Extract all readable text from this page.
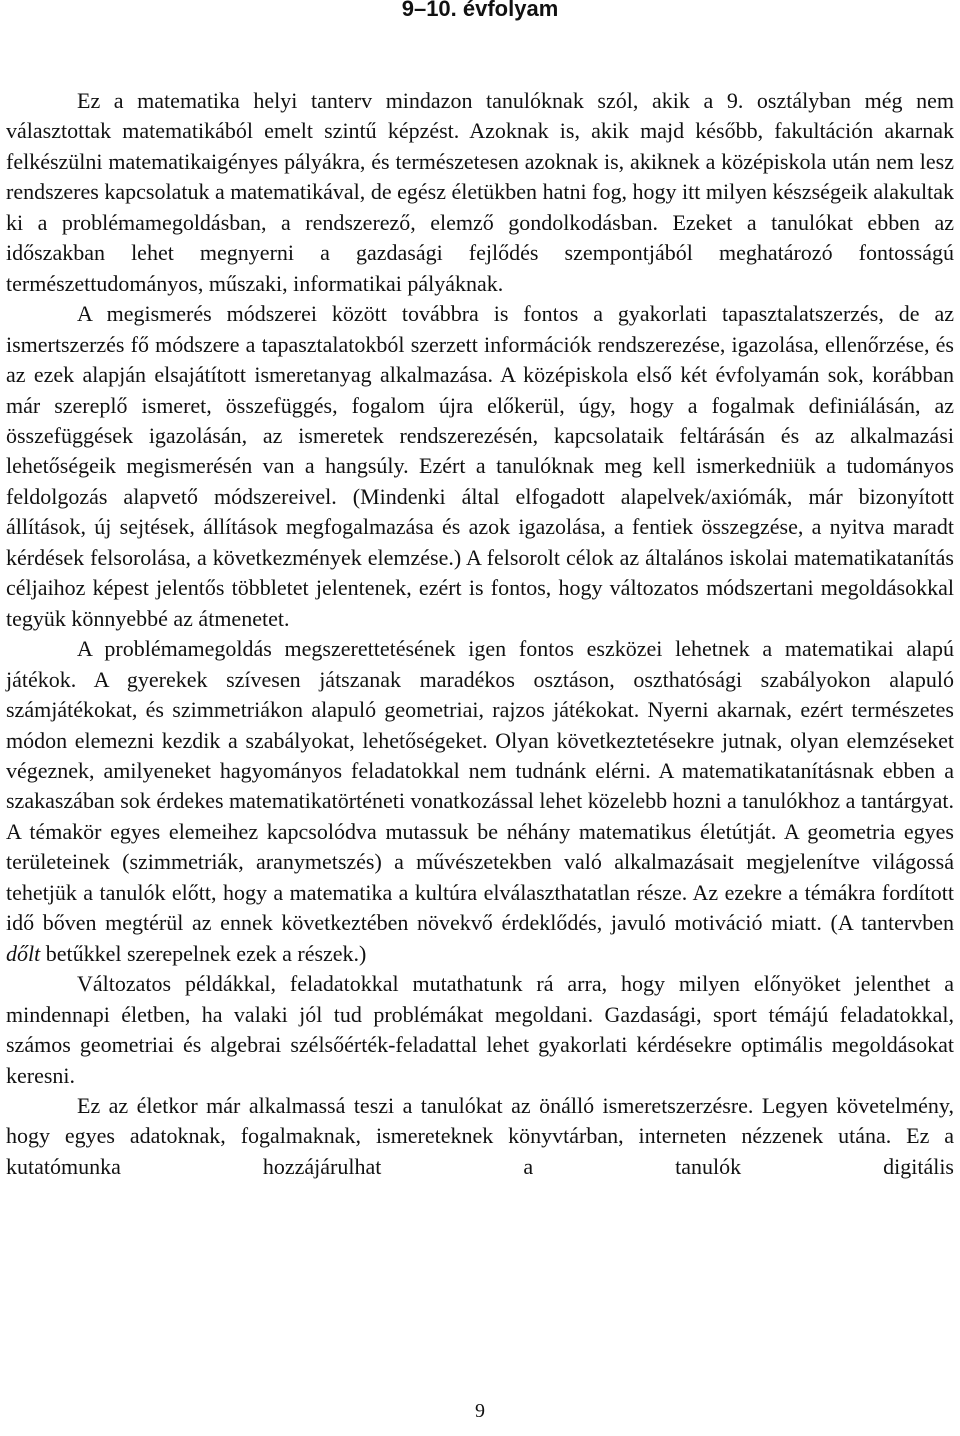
9–10. évfolyam

Ez a matematika helyi tanterv mindazon tanulóknak szól, akik a 9. osztályban még nem választottak matematikából emelt szintű képzést. Azoknak is, akik majd később, fakultáción akarnak felkészülni matematikaigényes pályákra, és természetesen azoknak is, akiknek a középiskola után nem lesz rendszeres kapcsolatuk a matematikával, de egész életükben hatni fog, hogy itt milyen készségeik alakultak ki a problémamegoldásban, a rendszerező, elemző gondolkodásban. Ezeket a tanulókat ebben az időszakban lehet megnyerni a gazdasági fejlődés szempontjából meghatározó fontosságú természettudományos, műszaki, informatikai pályáknak.

A megismerés módszerei között továbbra is fontos a gyakorlati tapasztalatszerzés, de az ismertszerzés fő módszere a tapasztalatokból szerzett információk rendszerezése, igazolása, ellenőrzése, és az ezek alapján elsajátított ismeretanyag alkalmazása. A középiskola első két évfolyamán sok, korábban már szereplő ismeret, összefüggés, fogalom újra előkerül, úgy, hogy a fogalmak definiálásán, az összefüggések igazolásán, az ismeretek rendszerezésén, kapcsolataik feltárásán és az alkalmazási lehetőségeik megismerésén van a hangsúly. Ezért a tanulóknak meg kell ismerkedniük a tudományos feldolgozás alapvető módszereivel. (Mindenki által elfogadott alapelvek/axiómák, már bizonyított állítások, új sejtések, állítások megfogalmazása és azok igazolása, a fentiek összegzése, a nyitva maradt kérdések felsorolása, a következmények elemzése.) A felsorolt célok az általános iskolai matematikatanítás céljaihoz képest jelentős többletet jelentenek, ezért is fontos, hogy változatos módszertani megoldásokkal tegyük könnyebbé az átmenetet.

A problémamegoldás megszerettetésének igen fontos eszközei lehetnek a matematikai alapú játékok. A gyerekek szívesen játszanak maradékos osztáson, oszthatósági szabályokon alapuló számjátékokat, és szimmetriákon alapuló geometriai, rajzos játékokat. Nyerni akarnak, ezért természetes módon elemezni kezdik a szabályokat, lehetőségeket. Olyan következtetésekre jutnak, olyan elemzéseket végeznek, amilyeneket hagyományos feladatokkal nem tudnánk elérni. A matematikatanításnak ebben a szakaszában sok érdekes matematikatörténeti vonatkozással lehet közelebb hozni a tanulókhoz a tantárgyat. A témakör egyes elemeihez kapcsolódva mutassuk be néhány matematikus életútját. A geometria egyes területeinek (szimmetriák, aranymetszés) a művészetekben való alkalmazásait megjelenítve világossá tehetjük a tanulók előtt, hogy a matematika a kultúra elválaszthatatlan része. Az ezekre a témákra fordított idő bőven megtérül az ennek következtében növekvő érdeklődés, javuló motiváció miatt. (A tantervben dőlt betűkkel szerepelnek ezek a részek.)

Változatos példákkal, feladatokkal mutathatunk rá arra, hogy milyen előnyöket jelenthet a mindennapi életben, ha valaki jól tud problémákat megoldani. Gazdasági, sport témájú feladatokkal, számos geometriai és algebrai szélsőérték-feladattal lehet gyakorlati kérdésekre optimális megoldásokat keresni.

Ez az életkor már alkalmassá teszi a tanulókat az önálló ismeretszerzésre. Legyen követelmény, hogy egyes adatoknak, fogalmaknak, ismereteknek könyvtárban, interneten nézzenek utána. Ez a kutatómunka hozzájárulhat a tanulók digitális

9
